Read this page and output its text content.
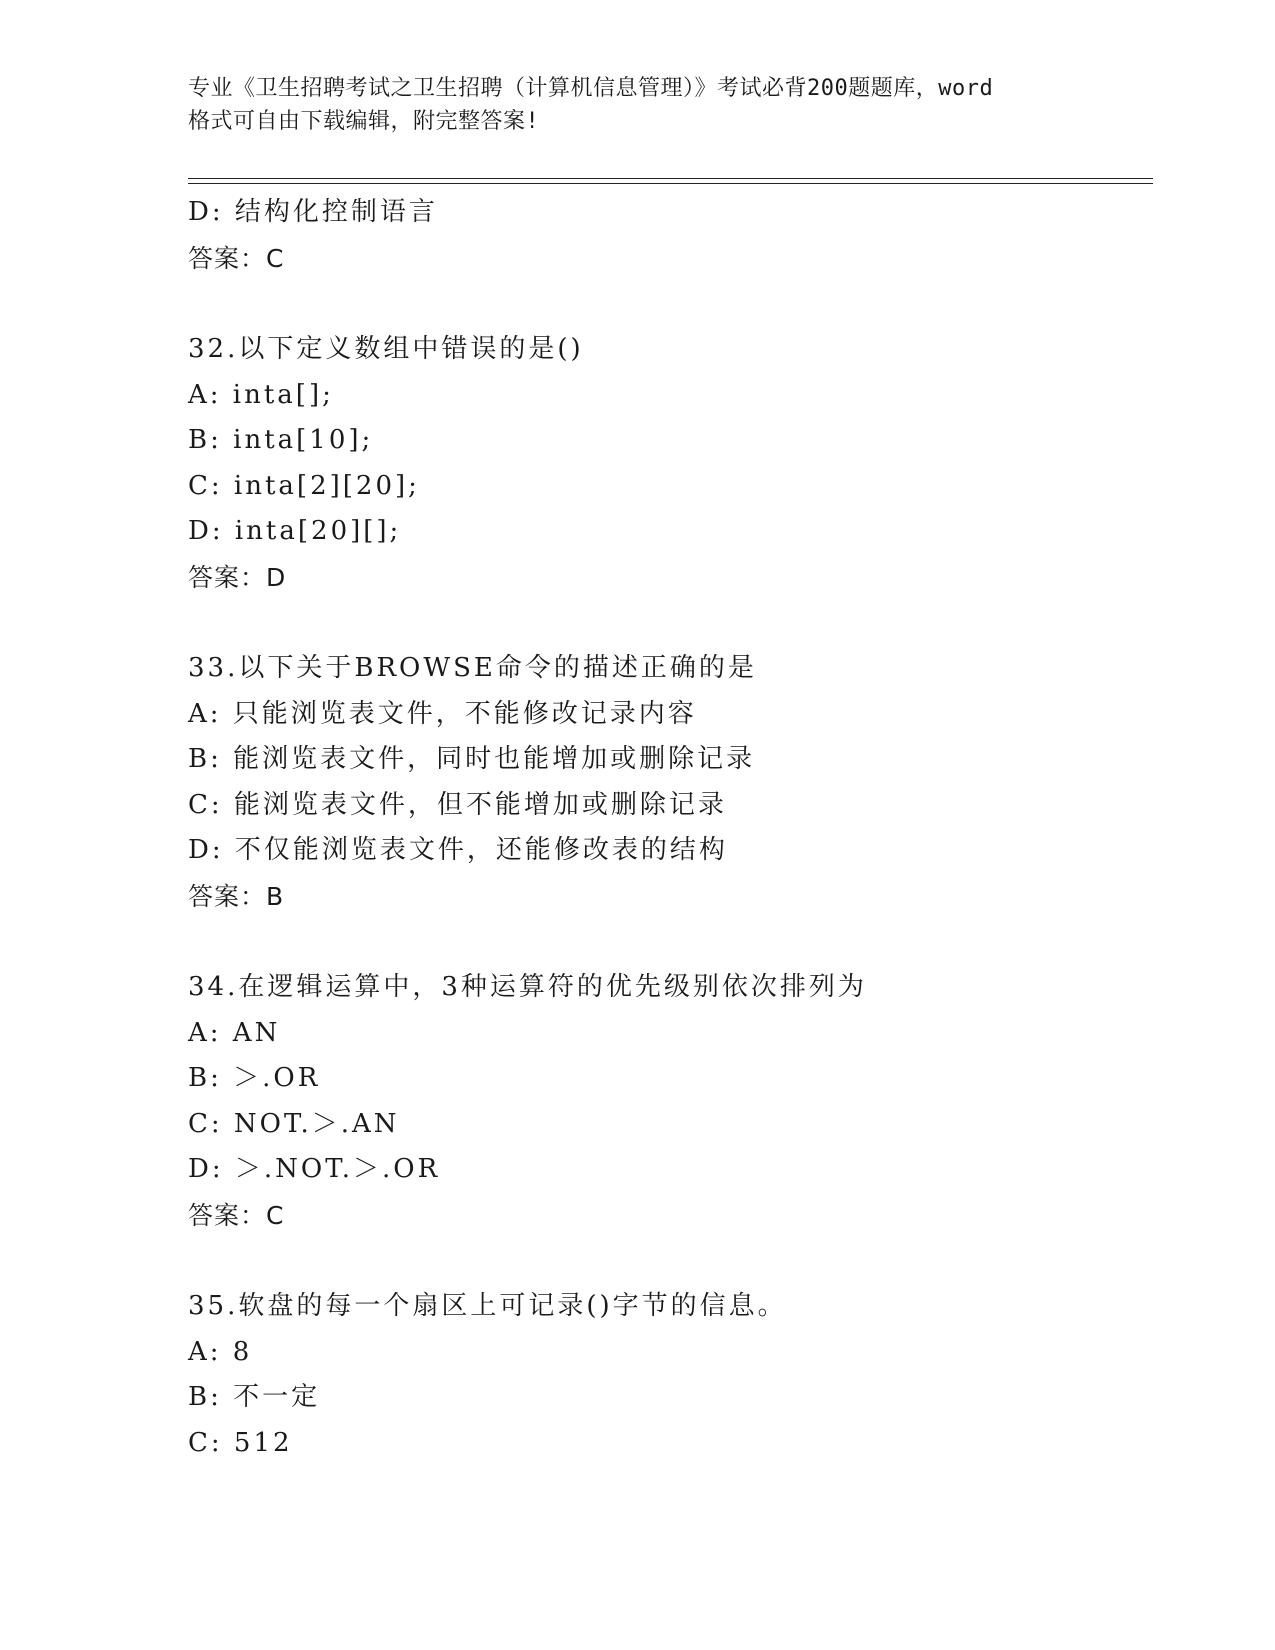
专业《卫生招聘考试之卫生招聘（计算机信息管理）》考试必背200题题库，word
格式可自由下载编辑，附完整答案!
D: 结构化控制语言
答案：C
32.以下定义数组中错误的是()
A: inta[];
B: inta[10];
C: inta[2][20];
D: inta[20][];
答案：D
33.以下关于BROWSE命令的描述正确的是
A: 只能浏览表文件，不能修改记录内容
B: 能浏览表文件，同时也能增加或删除记录
C: 能浏览表文件，但不能增加或删除记录
D: 不仅能浏览表文件，还能修改表的结构
答案：B
34.在逻辑运算中，3种运算符的优先级别依次排列为
A: AN
B: ＞.OR
C: NOT.＞.AN
D: ＞.NOT.＞.OR
答案：C
35.软盘的每一个扇区上可记录()字节的信息。
A: 8
B: 不一定
C: 512
